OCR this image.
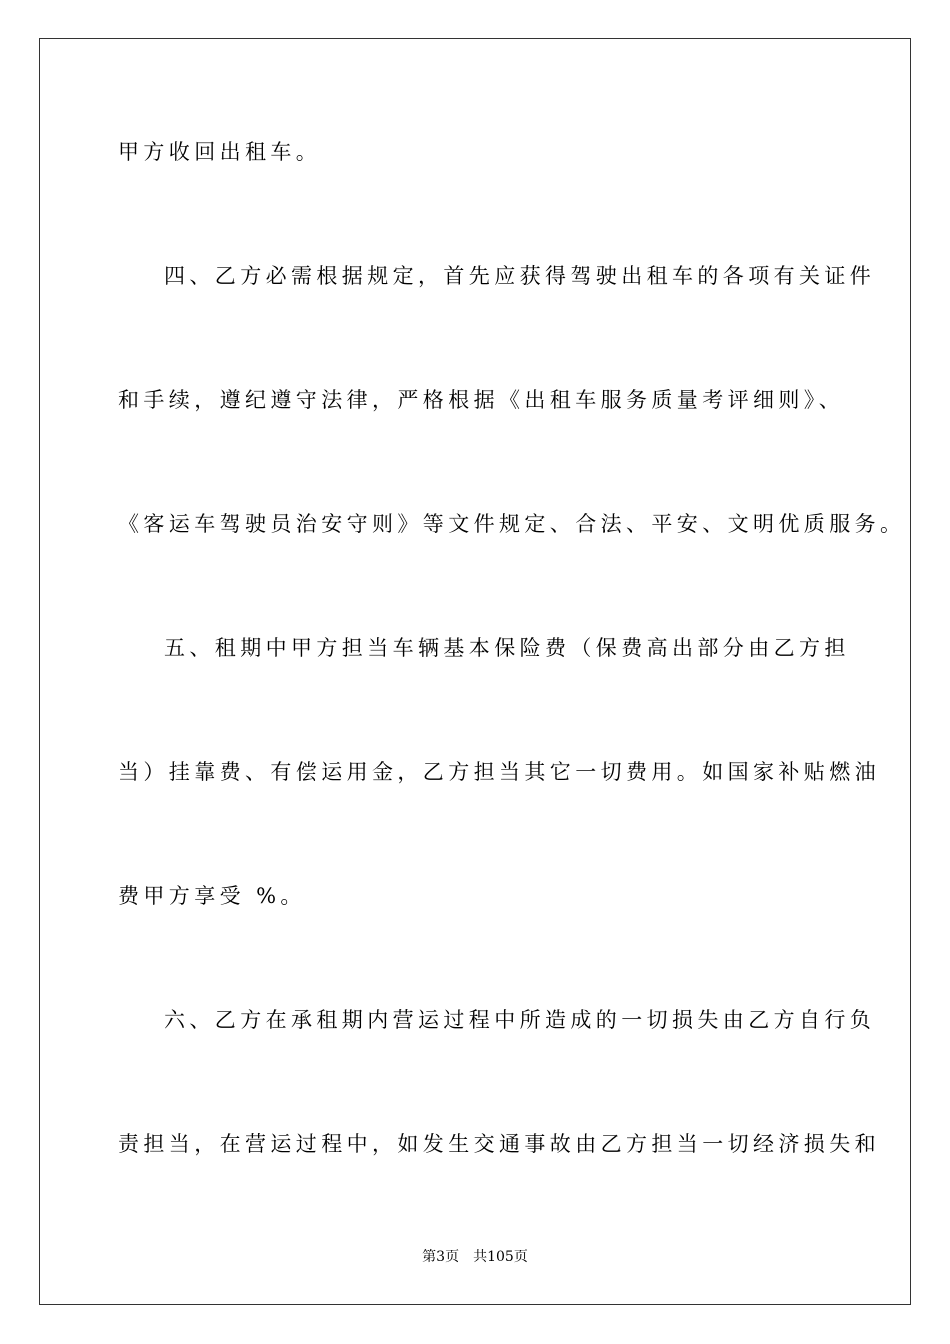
甲方收回出租车。
四、乙方必需根据规定，首先应获得驾驶出租车的各项有关证件
和手续，遵纪遵守法律，严格根据《出租车服务质量考评细则》、
《客运车驾驶员治安守则》等文件规定、合法、平安、文明优质服务。
五、租期中甲方担当车辆基本保险费（保费高出部分由乙方担
当）挂靠费、有偿运用金，乙方担当其它一切费用。如国家补贴燃油
费甲方享受 %。
六、乙方在承租期内营运过程中所造成的一切损失由乙方自行负
责担当，在营运过程中，如发生交通事故由乙方担当一切经济损失和
第3页 共105页
